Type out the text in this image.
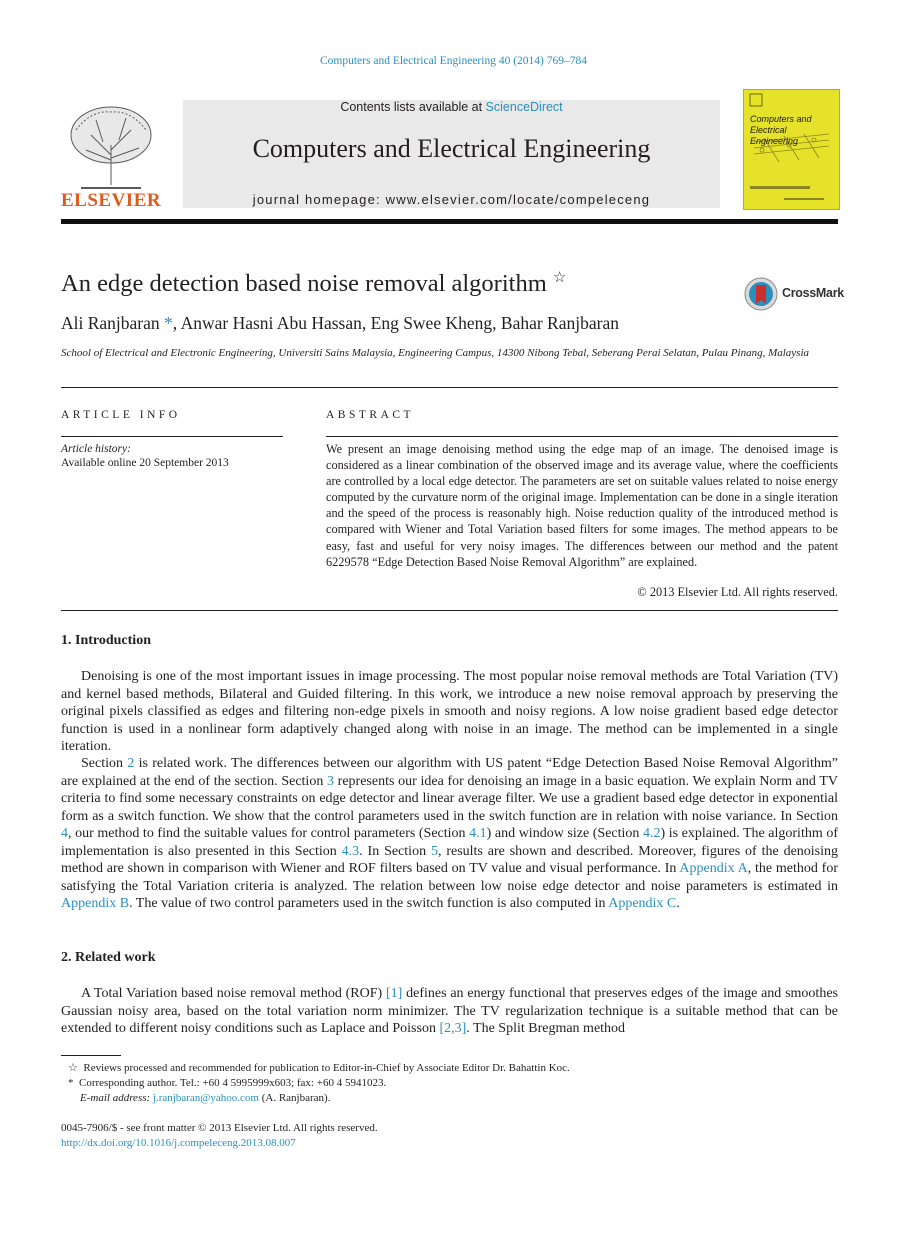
Computers and Electrical Engineering 40 (2014) 769–784
ELSEVIER
Contents lists available at ScienceDirect
Computers and Electrical Engineering
journal homepage: www.elsevier.com/locate/compeleceng
Computers and Electrical Engineering
An edge detection based noise removal algorithm ☆
CrossMark
Ali Ranjbaran *, Anwar Hasni Abu Hassan, Eng Swee Kheng, Bahar Ranjbaran
School of Electrical and Electronic Engineering, Universiti Sains Malaysia, Engineering Campus, 14300 Nibong Tebal, Seberang Perai Selatan, Pulau Pinang, Malaysia
ARTICLE INFO
Article history:
Available online 20 September 2013
ABSTRACT
We present an image denoising method using the edge map of an image. The denoised image is considered as a linear combination of the observed image and its average value, where the coefficients are controlled by a local edge detector. The parameters are set on suitable values related to noise energy computed by the curvature norm of the original image. Implementation can be done in a single iteration and the speed of the process is reasonably high. Noise reduction quality of the introduced method is compared with Wiener and Total Variation based filters for some images. The method appears to be easy, fast and useful for very noisy images. The differences between our method and the patent 6229578 “Edge Detection Based Noise Removal Algorithm” are explained.
© 2013 Elsevier Ltd. All rights reserved.
1. Introduction
Denoising is one of the most important issues in image processing. The most popular noise removal methods are Total Variation (TV) and kernel based methods, Bilateral and Guided filtering. In this work, we introduce a new noise removal approach by preserving the original pixels classified as edges and filtering non-edge pixels in smooth and noisy regions. A low noise gradient based edge detector function is used in a nonlinear form adaptively changed along with noise in an image. The method can be implemented in a single iteration.
Section 2 is related work. The differences between our algorithm with US patent “Edge Detection Based Noise Removal Algorithm” are explained at the end of the section. Section 3 represents our idea for denoising an image in a basic equation. We explain Norm and TV criteria to find some necessary constraints on edge detector and linear average filter. We use a gradient based edge detector in exponential form as a switch function. We show that the control parameters used in the switch function are in relation with noise variance. In Section 4, our method to find the suitable values for control parameters (Section 4.1) and window size (Section 4.2) is explained. The algorithm of implementation is also presented in this Section 4.3. In Section 5, results are shown and described. Moreover, figures of the denoising method are shown in comparison with Wiener and ROF filters based on TV value and visual performance. In Appendix A, the method for satisfying the Total Variation criteria is analyzed. The relation between low noise edge detector and noise parameters is estimated in Appendix B. The value of two control parameters used in the switch function is also computed in Appendix C.
2. Related work
A Total Variation based noise removal method (ROF) [1] defines an energy functional that preserves edges of the image and smoothes Gaussian noisy area, based on the total variation norm minimizer. The TV regularization technique is a suitable method that can be extended to different noisy conditions such as Laplace and Poisson [2,3]. The Split Bregman method
☆ Reviews processed and recommended for publication to Editor-in-Chief by Associate Editor Dr. Bahattin Koc.
* Corresponding author. Tel.: +60 4 5995999x603; fax: +60 4 5941023.
E-mail address: j.ranjbaran@yahoo.com (A. Ranjbaran).
0045-7906/$ - see front matter © 2013 Elsevier Ltd. All rights reserved.
http://dx.doi.org/10.1016/j.compeleceng.2013.08.007
